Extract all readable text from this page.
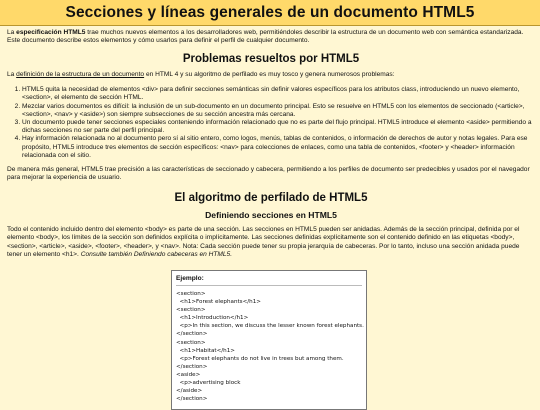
Secciones y líneas generales de un documento HTML5

La especificación HTML5 trae muchos nuevos elementos a los desarrolladores web, permitiéndoles describir la estructura de un documento web con semántica estandarizada. Este documento describe estos elementos y cómo usarlos para definir el perfil de cualquier documento.

Problemas resueltos por HTML5

La definición de la estructura de un documento en HTML 4 y su algoritmo de perfilado es muy tosco y genera numerosos problemas:

1. HTML5 quita la necesidad de elementos <div> para definir secciones semánticas sin definir valores específicos para los atributos class, introduciendo un nuevo elemento, <section>, el elemento de sección HTML.
2. Mezclar varios documentos es difícil: la inclusión de un sub-documento en un documento principal. Esto se resuelve en HTML5 con los elementos de seccionado (<article>, <section>, <nav> y <aside>) son siempre subsecciones de su sección ancestra más cercana.
3. Un documento puede tener secciones especiales conteniendo información relacionado que no es parte del flujo principal. HTML5 introduce el elemento <aside> permitiendo a dichas secciones no ser parte del perfil principal.
4. Hay información relacionada no al documento pero sí al sitio entero, como logos, menús, tablas de contenidos, o información de derechos de autor y notas legales. Para ese propósito, HTML5 introduce tres elementos de sección específicos: <nav> para colecciones de enlaces, como una tabla de contenidos, <footer> y <header> información relacionada con el sitio.

De manera más general, HTML5 trae precisión a las características de seccionado y cabecera, permitiendo a los perfiles de documento ser predecibles y usados por el navegador para mejorar la experiencia de usuario.

El algoritmo de perfilado de HTML5
Definiendo secciones en HTML5

Todo el contenido incluido dentro del elemento <body> es parte de una sección. Las secciones en HTML5 pueden ser anidadas. Además de la sección principal, definida por el elemento <body>, los límites de la sección son definidos explícita o implícitamente. Las secciones definidas explícitamente son el contenido definido en las etiquetas <body>, <section>, <article>, <aside>, <footer>, <header>, y <nav>. Nota: Cada sección puede tener su propia jerarquía de cabeceras. Por lo tanto, incluso una sección anidada puede tener un elemento <h1>. Consulte también Definiendo cabeceras en HTML5.

Ejemplo:
<section>
<h1>Forest elephants</h1>
<section>
<h1>Introduction</h1>
<p>In this section, we discuss the lesser known forest elephants.
</section>
<section>
<h1>Habitat</h1>
<p>Forest elephants do not live in trees but among them.
</section>
<aside>
<p>advertising block
</aside>
</section>
